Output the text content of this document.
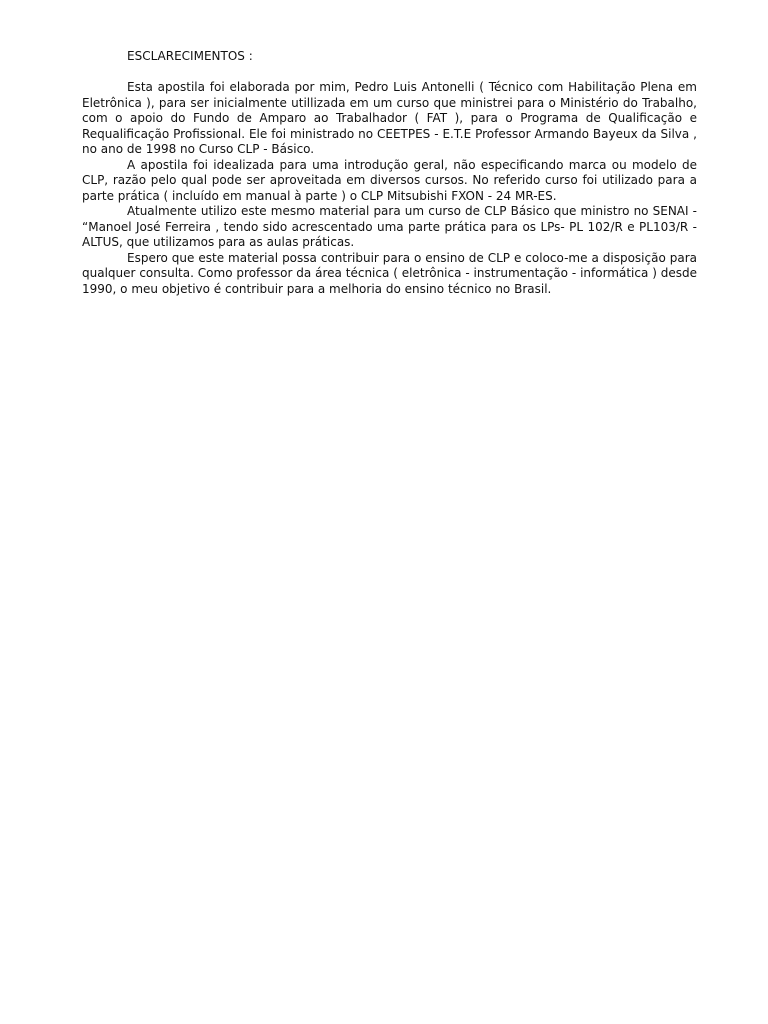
ESCLARECIMENTOS :

Esta apostila foi elaborada por mim, Pedro Luis Antonelli ( Técnico com Habilitação Plena em Eletrônica ), para ser inicialmente utillizada em um curso que ministrei para o Ministério do Trabalho, com o apoio do Fundo de Amparo ao Trabalhador ( FAT ), para o Programa de Qualificação e Requalificação Profissional. Ele foi ministrado no CEETPES - E.T.E Professor Armando Bayeux da Silva , no ano de 1998 no Curso CLP - Básico.

A apostila foi idealizada para uma introdução geral, não especificando marca ou modelo de CLP, razão pelo qual pode ser aproveitada em diversos cursos. No referido curso foi utilizado para a parte prática ( incluído em manual à parte ) o CLP Mitsubishi FXON - 24 MR-ES.

Atualmente utilizo este mesmo material para um curso de CLP Básico que ministro no SENAI - “Manoel José Ferreira , tendo sido acrescentado uma parte prática para os LPs- PL 102/R e PL103/R - ALTUS, que utilizamos para as aulas práticas.

Espero que este material possa contribuir para o ensino de CLP e coloco-me a disposição para qualquer consulta. Como professor da área técnica ( eletrônica - instrumentação - informática ) desde 1990, o meu objetivo é contribuir para a melhoria do ensino técnico no Brasil.
